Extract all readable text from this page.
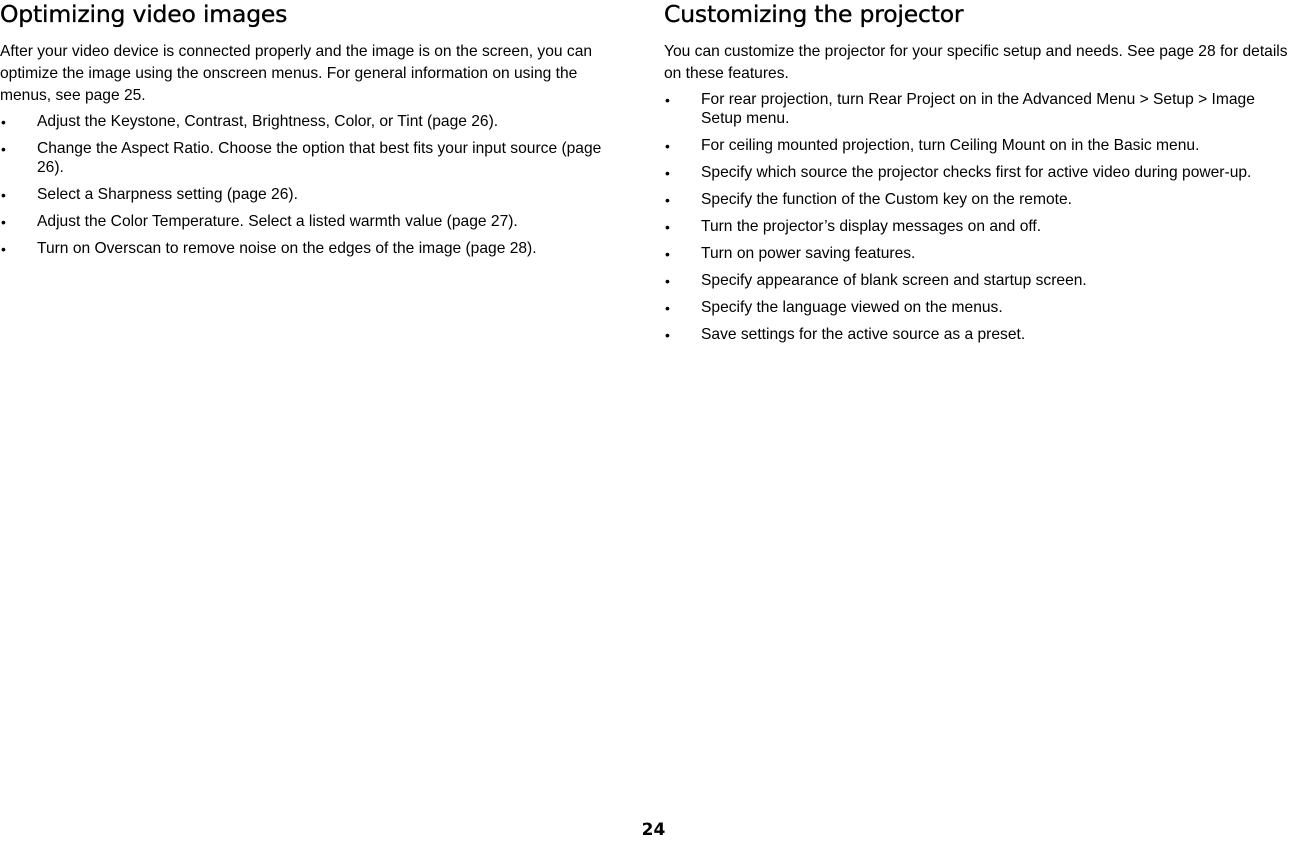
Optimizing video images

After your video device is connected properly and the image is on the screen, you can optimize the image using the onscreen menus. For general information on using the menus, see page 25.

• Adjust the Keystone, Contrast, Brightness, Color, or Tint (page 26).
• Change the Aspect Ratio. Choose the option that best fits your input source (page 26).
• Select a Sharpness setting (page 26).
• Adjust the Color Temperature. Select a listed warmth value (page 27).
• Turn on Overscan to remove noise on the edges of the image (page 28).
Customizing the projector

You can customize the projector for your specific setup and needs. See page 28 for details on these features.

• For rear projection, turn Rear Project on in the Advanced Menu > Setup > Image Setup menu.
• For ceiling mounted projection, turn Ceiling Mount on in the Basic menu.
• Specify which source the projector checks first for active video during power-up.
• Specify the function of the Custom key on the remote.
• Turn the projector’s display messages on and off.
• Turn on power saving features.
• Specify appearance of blank screen and startup screen.
• Specify the language viewed on the menus.
• Save settings for the active source as a preset.
24
